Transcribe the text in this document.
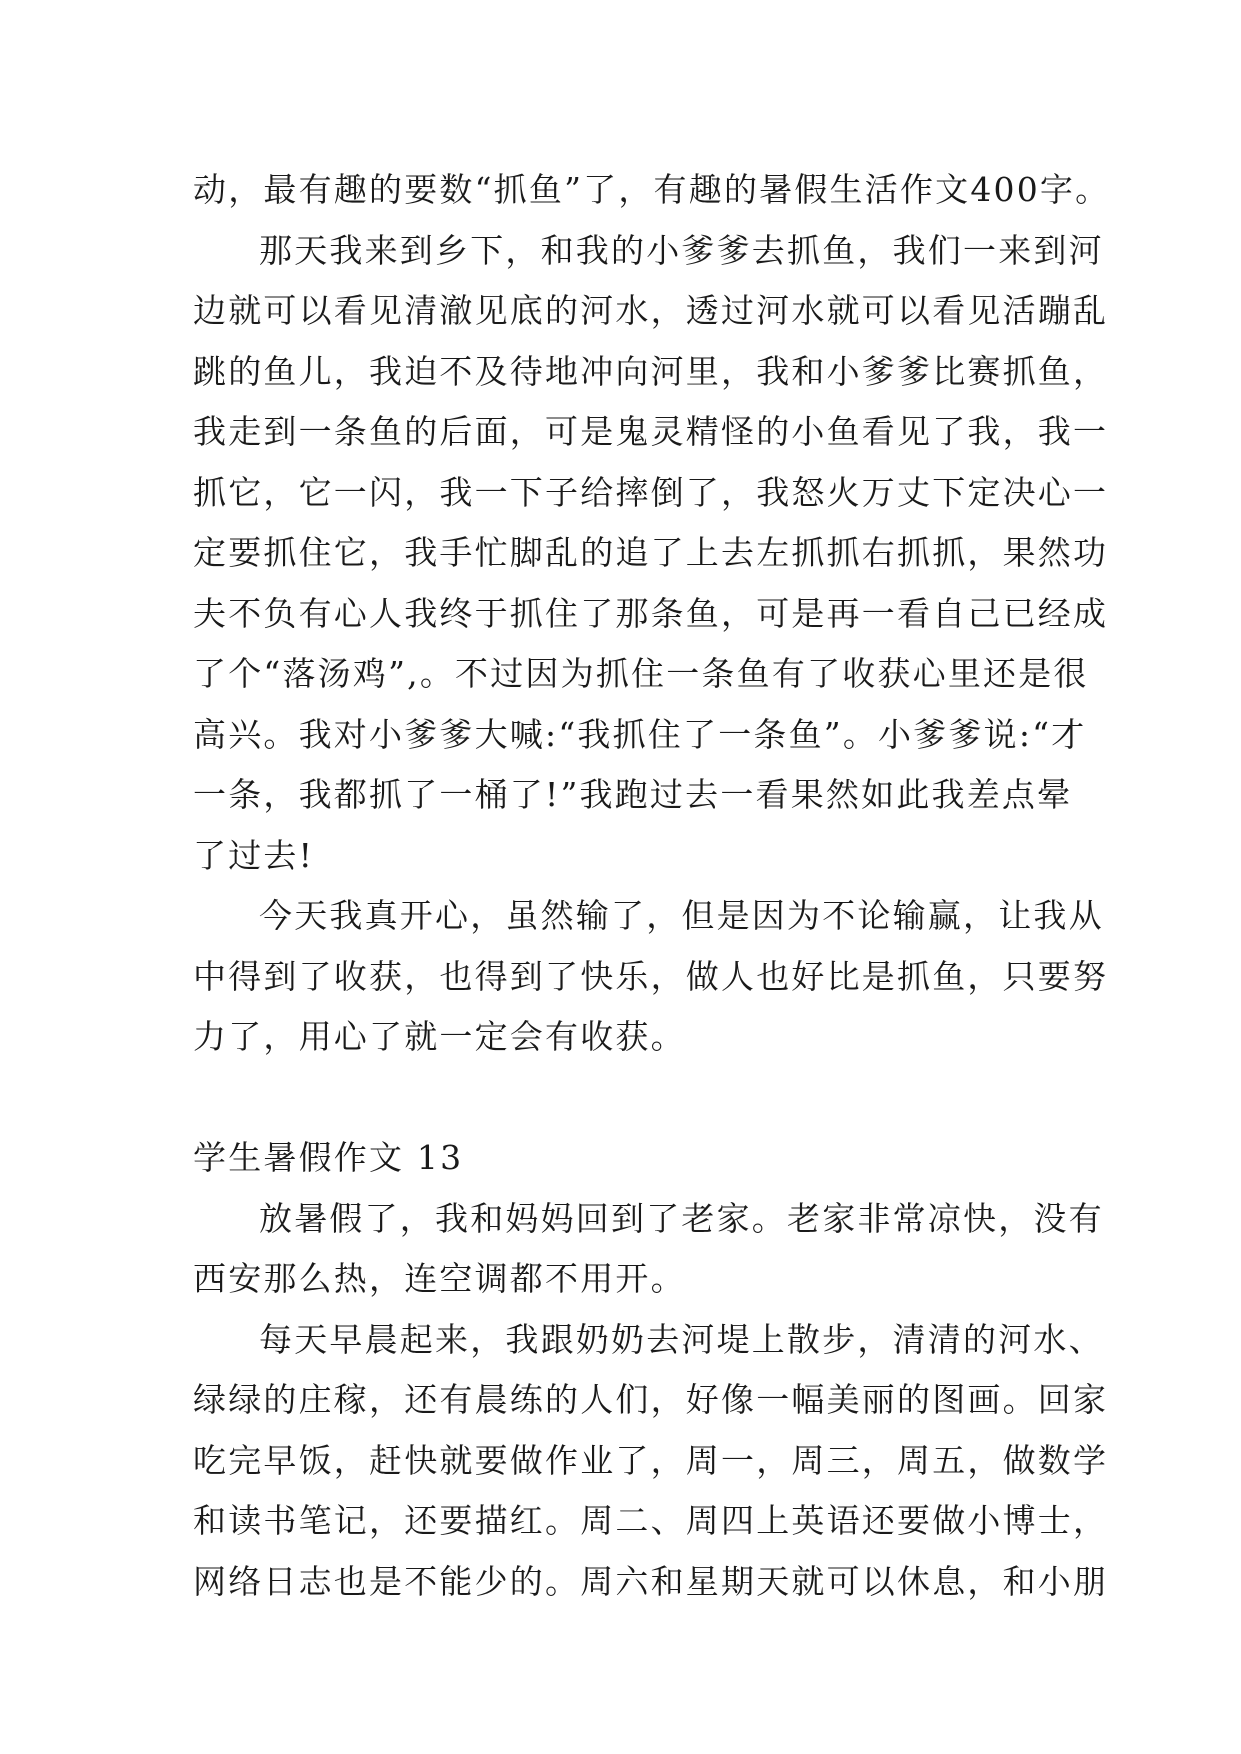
动，最有趣的要数“抓鱼”了，有趣的暑假生活作文400字。
那天我来到乡下，和我的小爹爹去抓鱼，我们一来到河
边就可以看见清澈见底的河水，透过河水就可以看见活蹦乱
跳的鱼儿，我迫不及待地冲向河里，我和小爹爹比赛抓鱼，
我走到一条鱼的后面，可是鬼灵精怪的小鱼看见了我，我一
抓它，它一闪，我一下子给摔倒了，我怒火万丈下定决心一
定要抓住它，我手忙脚乱的追了上去左抓抓右抓抓，果然功
夫不负有心人我终于抓住了那条鱼，可是再一看自己已经成
了个“落汤鸡”,。不过因为抓住一条鱼有了收获心里还是很
高兴。我对小爹爹大喊:“我抓住了一条鱼”。小爹爹说:“才
一条，我都抓了一桶了!”我跑过去一看果然如此我差点晕
了过去!
今天我真开心，虽然输了，但是因为不论输赢，让我从
中得到了收获，也得到了快乐，做人也好比是抓鱼，只要努
力了，用心了就一定会有收获。
学生暑假作文 13
放暑假了，我和妈妈回到了老家。老家非常凉快，没有
西安那么热，连空调都不用开。
每天早晨起来，我跟奶奶去河堤上散步，清清的河水、
绿绿的庄稼，还有晨练的人们，好像一幅美丽的图画。回家
吃完早饭，赶快就要做作业了，周一，周三，周五，做数学
和读书笔记，还要描红。周二、周四上英语还要做小博士，
网络日志也是不能少的。周六和星期天就可以休息，和小朋
